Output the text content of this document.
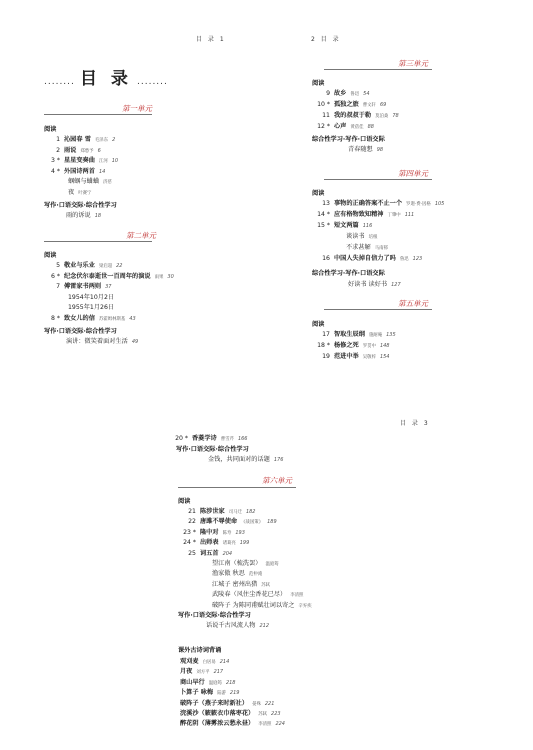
目 录 1	2 目 录
目 录 3
........ 目 录 ........
第一单元
阅读
1 沁园春 雪 毛泽东 2
2 雨说 郑愁予 6
3 * 星星变奏曲 江河 10
4 * 外国诗两首 14
蝈蝈与蛐蛐 济慈
夜 叶赛宁
写作·口语交际·综合性学习
雨的诉说 18
第二单元
阅读
5 敬业与乐业 梁启超 22
6 * 纪念伏尔泰逝世一百周年的演说 雨果 30
7 傅雷家书两则 37
1954年10月2日
1955年1月26日
8 * 致女儿的信 苏霍姆林斯基 43
写作·口语交际·综合性学习
演讲：微笑着面对生活 49
第三单元
阅读
9 故乡 鲁迅 54
10 * 孤独之旅 曹文轩 69
11 我的叔叔于勒 莫泊桑 78
12 * 心声 黄蓓佳 88
综合性学习·写作·口语交际
青春随想 98
第四单元
阅读
13 事物的正确答案不止一个 罗迦·费·因格 105
14 * 应有格物致知精神 丁肇中 111
15 * 短文两篇 116
谈读书 培根
不求甚解 马南邨
16 中国人失掉自信力了吗 鲁迅 123
综合性学习·写作·口语交际
好读书 读好书 127
第五单元
阅读
17 智取生辰纲 施耐庵 135
18 * 杨修之死 罗贯中 148
19 范进中举 吴敬梓 154
20 * 香菱学诗 曹雪芹 166
写作·口语交际·综合性学习
金钱，共同面对的话题 176
第六单元
阅读
21 陈涉世家 司马迁 182
22 唐雎不辱使命 《战国策》 189
23 * 隆中对 陈寿 193
24 * 出师表 诸葛亮 199
25 词五首 204
望江南（梳洗罢） 温庭筠
渔家傲 秋思 范仲淹
江城子 密州出猎 苏轼
武陵春（风住尘香花已尽） 李清照
破阵子 为陈同甫赋壮词以寄之 辛弃疾
写作·口语交际·综合性学习
话说千古风流人物 212
课外古诗词背诵
观刈麦 白居易 214
月夜 刘方平 217
商山早行 温庭筠 218
卜算子 咏梅 陆游 219
破阵子（燕子来时新社） 晏殊 221
浣溪沙（簌簌衣巾落枣花） 苏轼 223
醉花阴（薄雾浓云愁永昼） 李清照 224
